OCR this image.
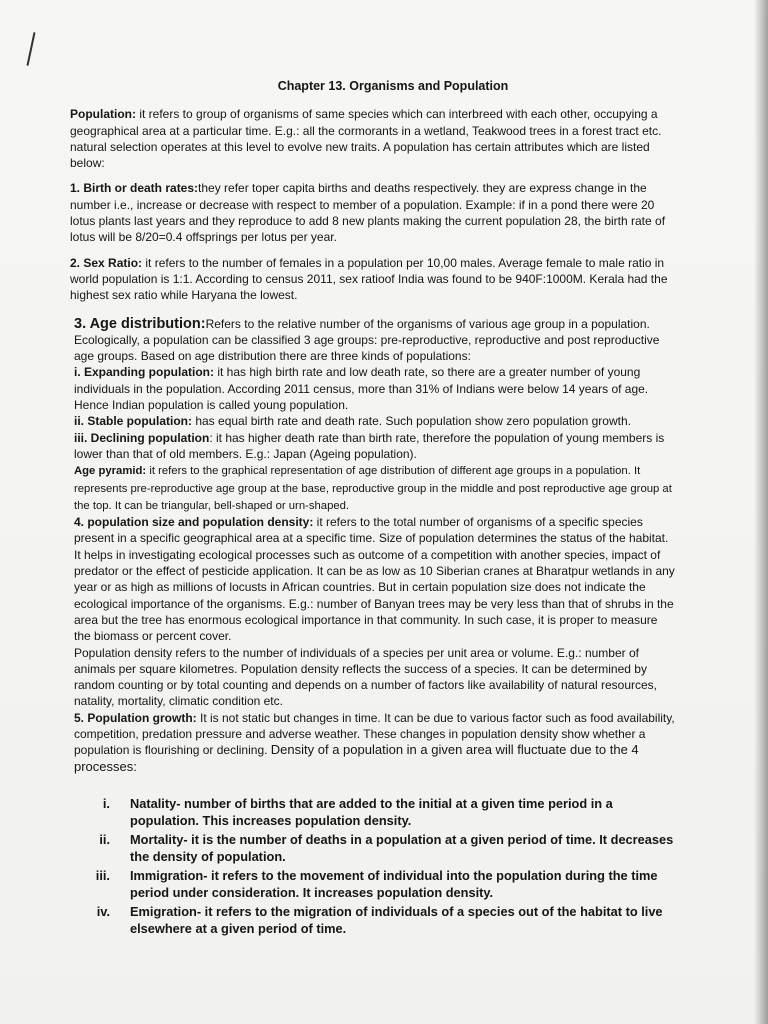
Chapter 13. Organisms and Population

Population: it refers to group of organisms of same species which can interbreed with each other, occupying a geographical area at a particular time. E.g.: all the cormorants in a wetland, Teakwood trees in a forest tract etc. natural selection operates at this level to evolve new traits. A population has certain attributes which are listed below:

1. Birth or death rates:they refer toper capita births and deaths respectively. they are express change in the number i.e., increase or decrease with respect to member of a population. Example: if in a pond there were 20 lotus plants last years and they reproduce to add 8 new plants making the current population 28, the birth rate of lotus will be 8/20=0.4 offsprings per lotus per year.

2. Sex Ratio: it refers to the number of females in a population per 10,00 males. Average female to male ratio in world population is 1:1. According to census 2011, sex ratioof India was found to be 940F:1000M. Kerala had the highest sex ratio while Haryana the lowest.

3. Age distribution:Refers to the relative number of the organisms of various age group in a population. Ecologically, a population can be classified 3 age groups: pre-reproductive, reproductive and post reproductive age groups. Based on age distribution there are three kinds of populations:

i. Expanding population: it has high birth rate and low death rate, so there are a greater number of young individuals in the population. According 2011 census, more than 31% of Indians were below 14 years of age. Hence Indian population is called young population.

ii. Stable population: has equal birth rate and death rate. Such population show zero population growth.

iii. Declining population: it has higher death rate than birth rate, therefore the population of young members is lower than that of old members. E.g.: Japan (Ageing population).

Age pyramid: it refers to the graphical representation of age distribution of different age groups in a population. It represents pre-reproductive age group at the base, reproductive group in the middle and post reproductive age group at the top. It can be triangular, bell-shaped or urn-shaped.

4. population size and population density: it refers to the total number of organisms of a specific species present in a specific geographical area at a specific time. Size of population determines the status of the habitat. It helps in investigating ecological processes such as outcome of a competition with another species, impact of predator or the effect of pesticide application. It can be as low as 10 Siberian cranes at Bharatpur wetlands in any year or as high as millions of locusts in African countries. But in certain population size does not indicate the ecological importance of the organisms. E.g.: number of Banyan trees may be very less than that of shrubs in the area but the tree has enormous ecological importance in that community. In such case, it is proper to measure the biomass or percent cover.

Population density refers to the number of individuals of a species per unit area or volume. E.g.: number of animals per square kilometres. Population density reflects the success of a species. It can be determined by random counting or by total counting and depends on a number of factors like availability of natural resources, natality, mortality, climatic condition etc.

5. Population growth: It is not static but changes in time. It can be due to various factor such as food availability, competition, predation pressure and adverse weather. These changes in population density show whether a population is flourishing or declining. Density of a population in a given area will fluctuate due to the 4 processes:

i.	Natality- number of births that are added to the initial at a given time period in a population. This increases population density.
ii.	Mortality- it is the number of deaths in a population at a given period of time. It decreases the density of population.
iii.	Immigration- it refers to the movement of individual into the population during the time period under consideration. It increases population density.
iv.	Emigration- it refers to the migration of individuals of a species out of the habitat to live elsewhere at a given period of time.
